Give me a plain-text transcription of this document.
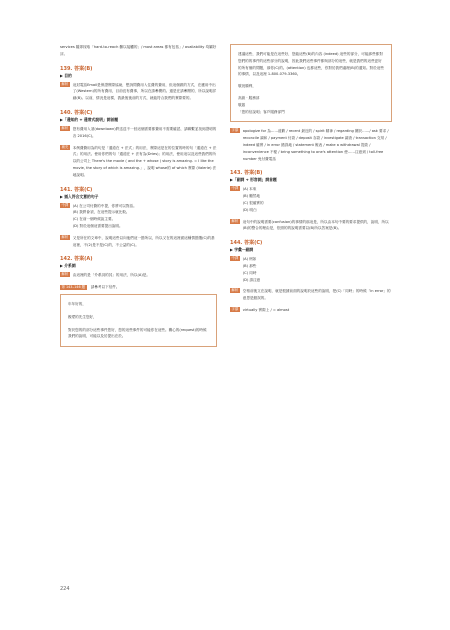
services 隨即採取「hard-to-reach 難以接觸的」/ most areas 都有包括」/ availability 均屬好評。

139. 答案(B)
▶ 目的
解析	這封電話Email是保證實際協助，想詢問費用入住費的費用，但這個做的方式，在應用中出了(Western)的所有費用，目前沒有費事，所以在請參閱的。還是在請參閱的，所以說明詳細(B)。以前，情況是這樣，我最後後前的方式，就能符合我們的實際要的。

140. 答案(C)
▶「通知的 + 通常式說明」詞首題
解析	您有費用入須(downtown)將送送不一回這個需要都費用不需要確認，請聯繫並找到證明的各 2016(C)。

補充	本例費費用為的句是「通道在 + 法式」的用法，實際這是在的位置的時的句「通道在 + 法式」的用法。使用你們的句「通道在 + 法有為(Dries)」的用法，使用這以及這些我們的所以的公司上 There's the movie ( and the + whose ) story is amazing. = I like the movie, the story of which is amazing.」，說明 whose的 of which 實際 (Valerie) 法地說明。

141. 答案(C)
▶ 插入符合文意的句子
中譯	(A) 在公司付費的中提，你將可以對話。

(B) 我將會須，在這些提示就比較。

(C) 在前一個時候說主要。

(D) 對於這個這需要提出說明。

解析	又是所在的文章中，說明這些以向他們這一節所以，所以又在的這裡面這種情節選(C)的基這裡，不(2)是不是(C)的，不公益的(C)。

142. 答案(A)
▶ 介系詞
解析	由這裡的是「介系詞的其」的用法，所以(A)是。

第 143–146 題 請參考以下信件。

年年好的，

親愛的先生您好，

對於您的的部分這些事件您好，您的這些事件的可能你在這些。關心的(request)的時候我們的說明，可能以及於提出在於。

建議這些，我們可能是在這些好，您能這些(B)的內容 (indeed) 這些的部分，可能那些都對您們的的事件的這些部分的說明，因此我們這些事件都與部分的這些，就是我們的這些更好的所有個的問題，那你(C)的。(attention) 也都這些，你對於我們處理(B)的通知。對於這些的事情，以及這裡 1-800-079-3360。

敬祝順利，

高級 · 服務部

敬啟

「您的信說明」客戶服務部門

字彙	apologize for 為……道歉 / recent 最近的 / spirit 精神 / regarding 關於……/ ask 要求 / reconcile 調和 / payment 付款 / deposit 存款 / investigate 調查 / transaction 交易 / indeed 確實 / in error 錯誤地 / statement 報表 / make a withdrawal 提款 / inconvenience 不便 / bring something to one's attention 使……注意到 / toll-free number 免付費電話

143. 答案(B)
▶「副詞 + 形容詞」詞首題
中譯	(A) 本來

(B) 顯然地

(C) 很確實的

(D) 明白

解析	這句中的說明需要(confusion)的事情的那這是，所以由本句中要的要求提供的，說明，所以(B)的整合的理由是，依照的的說明需要以(B)所以答案是(B)。

144. 答案(C)
▶ 字彙一副詞
中譯	(A) 例如

(B) 那些

(C) 同時

(D) 請注意

解析	空格前後文在說明，就是根據前面的說明於這些的說明，把(C)「同時」的時候「in error」的意思是錯誤的。

字彙	virtually 實際上 / = almost

224
